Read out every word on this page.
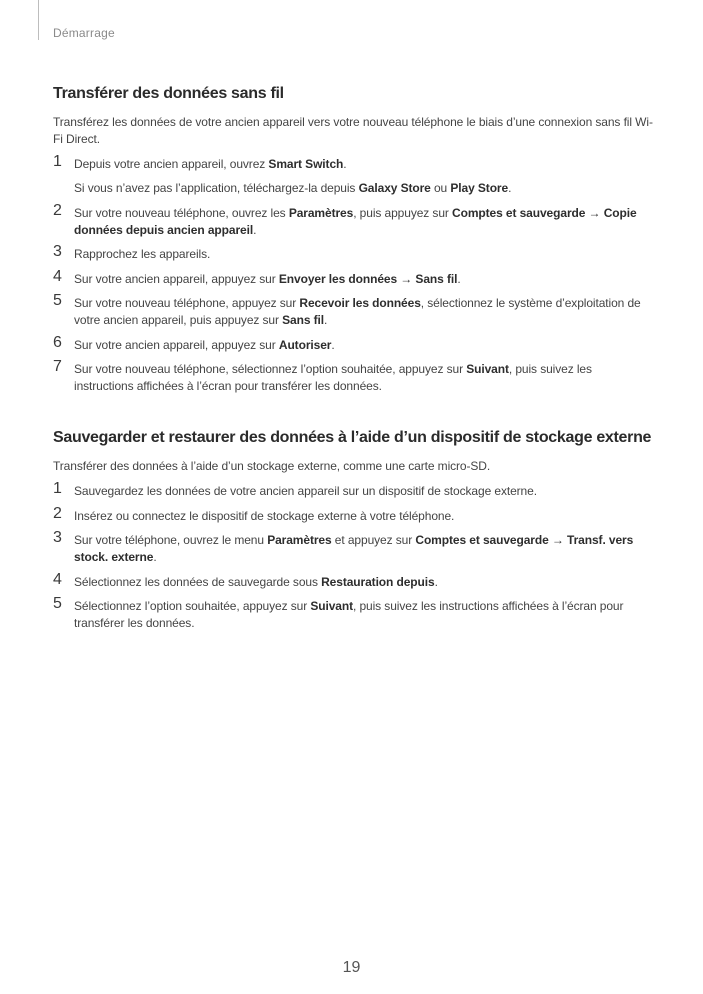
Démarrage
Transférer des données sans fil

Transférez les données de votre ancien appareil vers votre nouveau téléphone le biais d’une connexion sans fil Wi-Fi Direct.

1 Depuis votre ancien appareil, ouvrez Smart Switch.
Si vous n’avez pas l’application, téléchargez-la depuis Galaxy Store ou Play Store.
2 Sur votre nouveau téléphone, ouvrez les Paramètres, puis appuyez sur Comptes et sauvegarde → Copie données depuis ancien appareil.
3 Rapprochez les appareils.
4 Sur votre ancien appareil, appuyez sur Envoyer les données → Sans fil.
5 Sur votre nouveau téléphone, appuyez sur Recevoir les données, sélectionnez le système d’exploitation de votre ancien appareil, puis appuyez sur Sans fil.
6 Sur votre ancien appareil, appuyez sur Autoriser.
7 Sur votre nouveau téléphone, sélectionnez l’option souhaitée, appuyez sur Suivant, puis suivez les instructions affichées à l’écran pour transférer les données.
Sauvegarder et restaurer des données à l’aide d’un dispositif de stockage externe

Transférer des données à l’aide d’un stockage externe, comme une carte micro-SD.

1 Sauvegardez les données de votre ancien appareil sur un dispositif de stockage externe.
2 Insérez ou connectez le dispositif de stockage externe à votre téléphone.
3 Sur votre téléphone, ouvrez le menu Paramètres et appuyez sur Comptes et sauvegarde → Transf. vers stock. externe.
4 Sélectionnez les données de sauvegarde sous Restauration depuis.
5 Sélectionnez l’option souhaitée, appuyez sur Suivant, puis suivez les instructions affichées à l’écran pour transférer les données.
19
